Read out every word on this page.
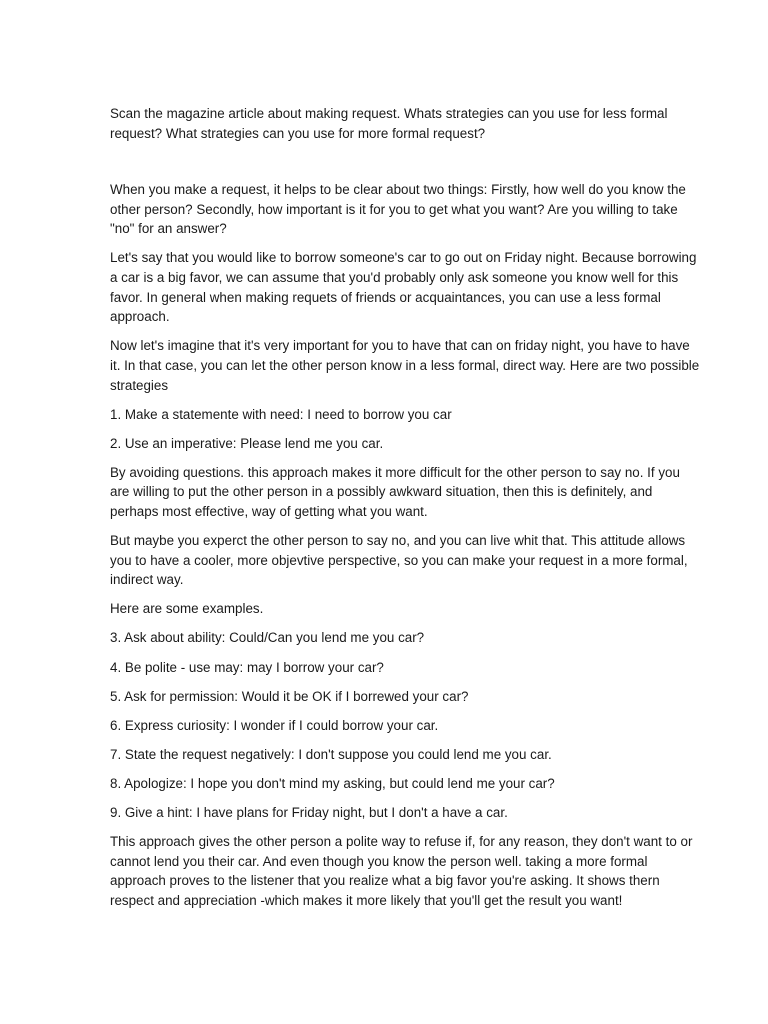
Scan the magazine article about making request. Whats strategies can you use for less formal request? What strategies can you use for more formal request?

When you make a request, it helps to be clear about two things: Firstly, how well do you know the other person? Secondly, how important is it for you to get what you want? Are you willing to take "no" for an answer?

Let's say that you would like to borrow someone's car to go out on Friday night. Because borrowing a car is a big favor, we can assume that you'd probably only ask someone you know well for this favor. In general when making requets of friends or acquaintances, you can use a less formal approach.

Now let's imagine that it's very important for you to have that can on friday night, you have to have it. In that case, you can let the other person know in a less formal, direct way. Here are two possible strategies

1. Make a statemente with need: I need to borrow you car

2. Use an imperative: Please lend me you car.

By avoiding questions. this approach makes it more difficult for the other person to say no. If you are willing to put the other person in a possibly awkward situation, then this is definitely, and perhaps most effective, way of getting what you want.

But maybe you experct the other person to say no, and you can live whit that. This attitude allows you to have a cooler, more objevtive perspective, so you can make your request in a more formal, indirect way.

Here are some examples.

3. Ask about ability: Could/Can you lend me you car?

4. Be polite - use may: may I borrow your car?

5. Ask for permission: Would it be OK if I borrewed your car?

6. Express curiosity: I wonder if I could borrow your car.

7. State the request negatively: I don't suppose you could lend me you car.

8. Apologize: I hope you don't mind my asking, but could lend me your car?

9. Give a hint: I have plans for Friday night, but I don't a have a car.

This approach gives the other person a polite way to refuse if, for any reason, they don't want to or cannot lend you their car. And even though you know the person well. taking a more formal approach proves to the listener that you realize what a big favor you're asking. It shows thern respect and appreciation -which makes it more likely that you'll get the result you want!
